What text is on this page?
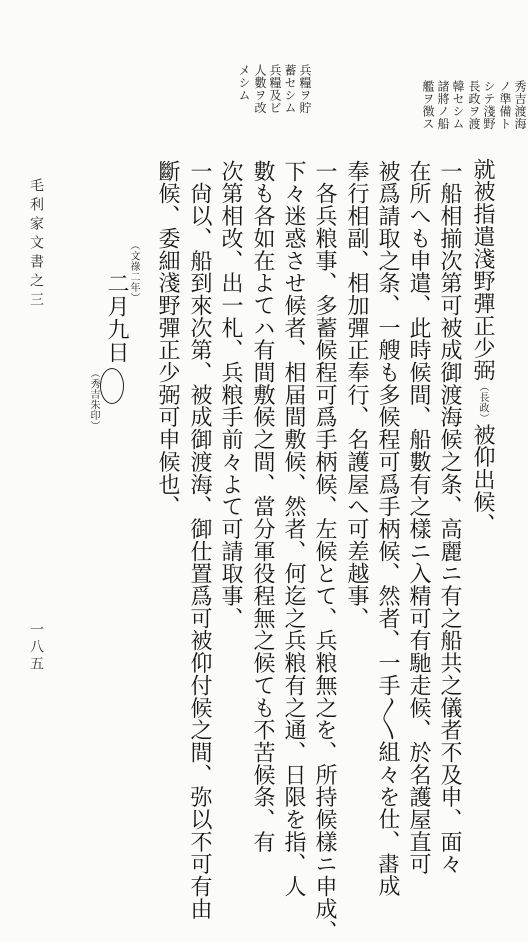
毛利家文書之三
一八五
秀吉渡海
ノ準備ト
シテ淺野
長政ヲ渡
韓セシム
諸將ノ船
艦ヲ徴ス
兵糧ヲ貯
蓄セシム
兵糧及ビ
人數ヲ改
メシム
就被指遣淺野彈正少弼（長政）被仰出候、
一船相揃次第可被成御渡海候之条、高麗ニ有之船共之儀者不及申、面々
在所へも申遣、此時候間、船數有之樣ニ入精可有馳走候、於名護屋直可
被爲請取之条、一艘も多候程可爲手柄候、然者、一手〱組々を仕、𨽶成
奉行相副、相加彈正奉行、名護屋へ可差越事、
一各兵粮事、多蓄候程可爲手柄候、左候とて、兵粮無之を、所持候樣ニ申成、
下々迷惑させ候者、相届間敷候、然者、何迄之兵粮有之通、日限を指、人
數も各如在よてハ有間敷候之間、當分軍役程無之候ても不苦候条、有
次第相改、出一札、兵粮手前々よて可請取事、
一尙以、船到來次第、被成御渡海、御仕置爲可被仰付候之間、弥以不可有由
斷候、委細淺野彈正少弼可申候也、
（文祿二年）
二月九日
（秀吉朱印）
